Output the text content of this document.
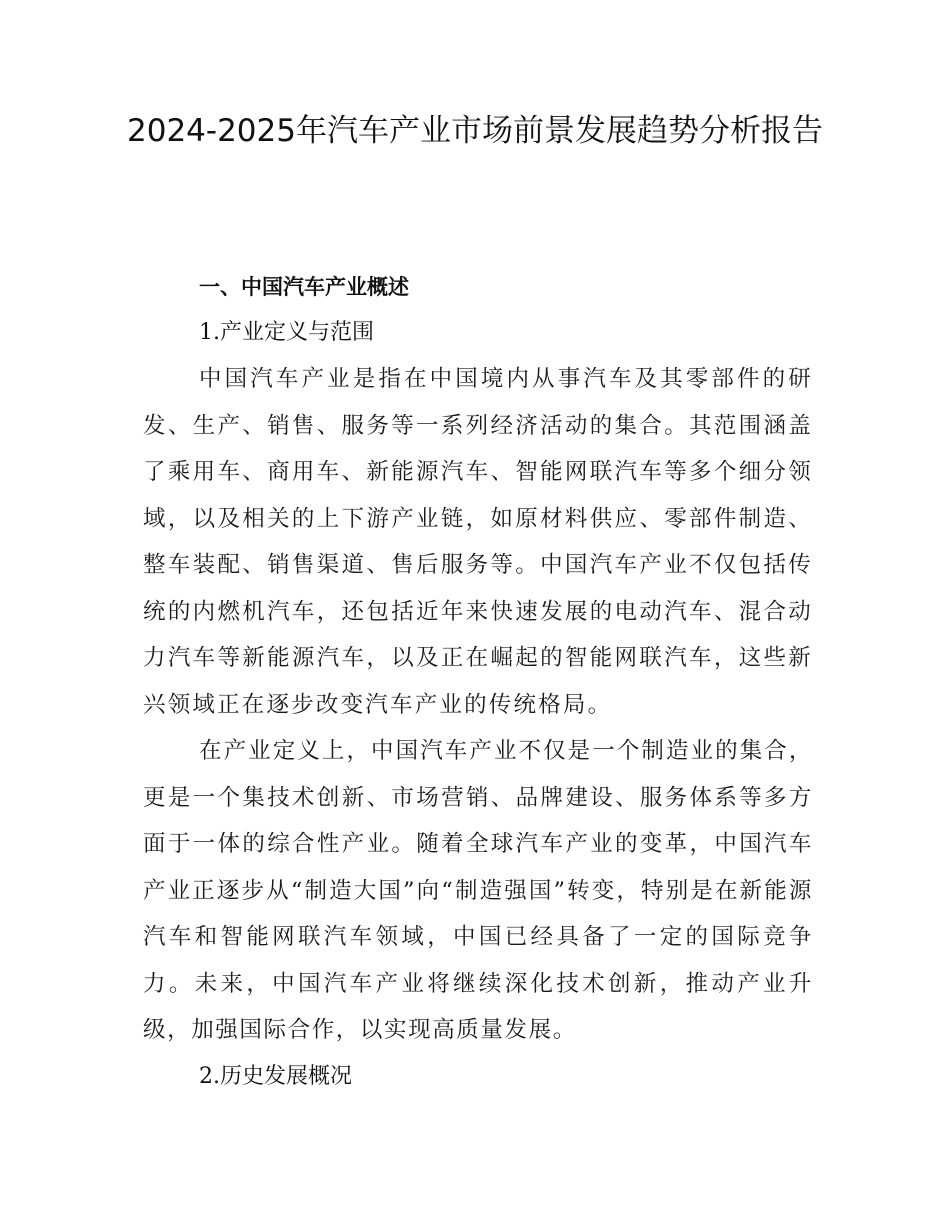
2024-2025年汽车产业市场前景发展趋势分析报告
一、中国汽车产业概述
1.产业定义与范围

中国汽车产业是指在中国境内从事汽车及其零部件的研发、生产、销售、服务等一系列经济活动的集合。其范围涵盖了乘用车、商用车、新能源汽车、智能网联汽车等多个细分领域，以及相关的上下游产业链，如原材料供应、零部件制造、整车装配、销售渠道、售后服务等。中国汽车产业不仅包括传统的内燃机汽车，还包括近年来快速发展的电动汽车、混合动力汽车等新能源汽车，以及正在崛起的智能网联汽车，这些新兴领域正在逐步改变汽车产业的传统格局。

在产业定义上，中国汽车产业不仅是一个制造业的集合，更是一个集技术创新、市场营销、品牌建设、服务体系等多方面于一体的综合性产业。随着全球汽车产业的变革，中国汽车产业正逐步从“制造大国”向“制造强国”转变，特别是在新能源汽车和智能网联汽车领域，中国已经具备了一定的国际竞争力。未来，中国汽车产业将继续深化技术创新，推动产业升级，加强国际合作，以实现高质量发展。

2.历史发展概况
